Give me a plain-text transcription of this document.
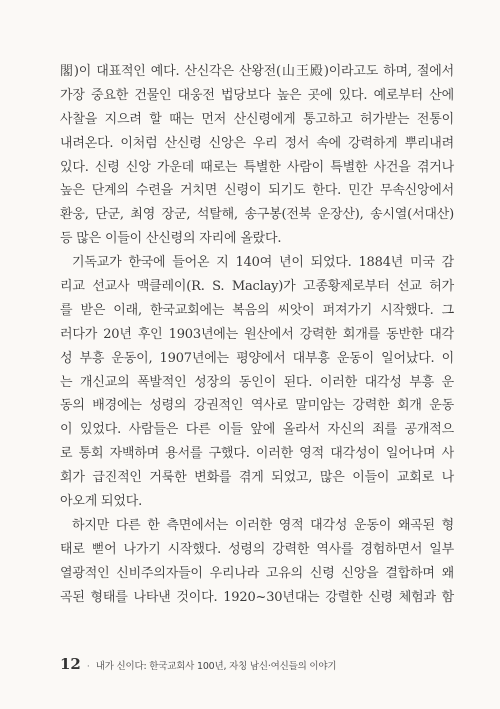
閣)이 대표적인 예다. 산신각은 산왕전(山王殿)이라고도 하며, 절에서
가장 중요한 건물인 대웅전 법당보다 높은 곳에 있다. 예로부터 산에
사찰을 지으려 할 때는 먼저 산신령에게 통고하고 허가받는 전통이
내려온다. 이처럼 산신령 신앙은 우리 정서 속에 강력하게 뿌리내려
있다. 신령 신앙 가운데 때로는 특별한 사람이 특별한 사건을 겪거나
높은 단계의 수련을 거치면 신령이 되기도 한다. 민간 무속신앙에서
환웅, 단군, 최영 장군, 석탈해, 송구봉(전북 운장산), 송시열(서대산)
등 많은 이들이 산신령의 자리에 올랐다.
기독교가 한국에 들어온 지 140여 년이 되었다. 1884년 미국 감
리교 선교사 맥클레이(R. S. Maclay)가 고종황제로부터 선교 허가
를 받은 이래, 한국교회에는 복음의 씨앗이 퍼져가기 시작했다. 그
러다가 20년 후인 1903년에는 원산에서 강력한 회개를 동반한 대각
성 부흥 운동이, 1907년에는 평양에서 대부흥 운동이 일어났다. 이
는 개신교의 폭발적인 성장의 동인이 된다. 이러한 대각성 부흥 운
동의 배경에는 성령의 강권적인 역사로 말미암는 강력한 회개 운동
이 있었다. 사람들은 다른 이들 앞에 올라서 자신의 죄를 공개적으
로 통회 자백하며 용서를 구했다. 이러한 영적 대각성이 일어나며 사
회가 급진적인 거룩한 변화를 겪게 되었고, 많은 이들이 교회로 나
아오게 되었다.
하지만 다른 한 측면에서는 이러한 영적 대각성 운동이 왜곡된 형
태로 뻗어 나가기 시작했다. 성령의 강력한 역사를 경험하면서 일부
열광적인 신비주의자들이 우리나라 고유의 신령 신앙을 결합하며 왜
곡된 형태를 나타낸 것이다. 1920~30년대는 강렬한 신령 체험과 함
12 · 내가 신이다: 한국교회사 100년, 자칭 남신·여신들의 이야기
